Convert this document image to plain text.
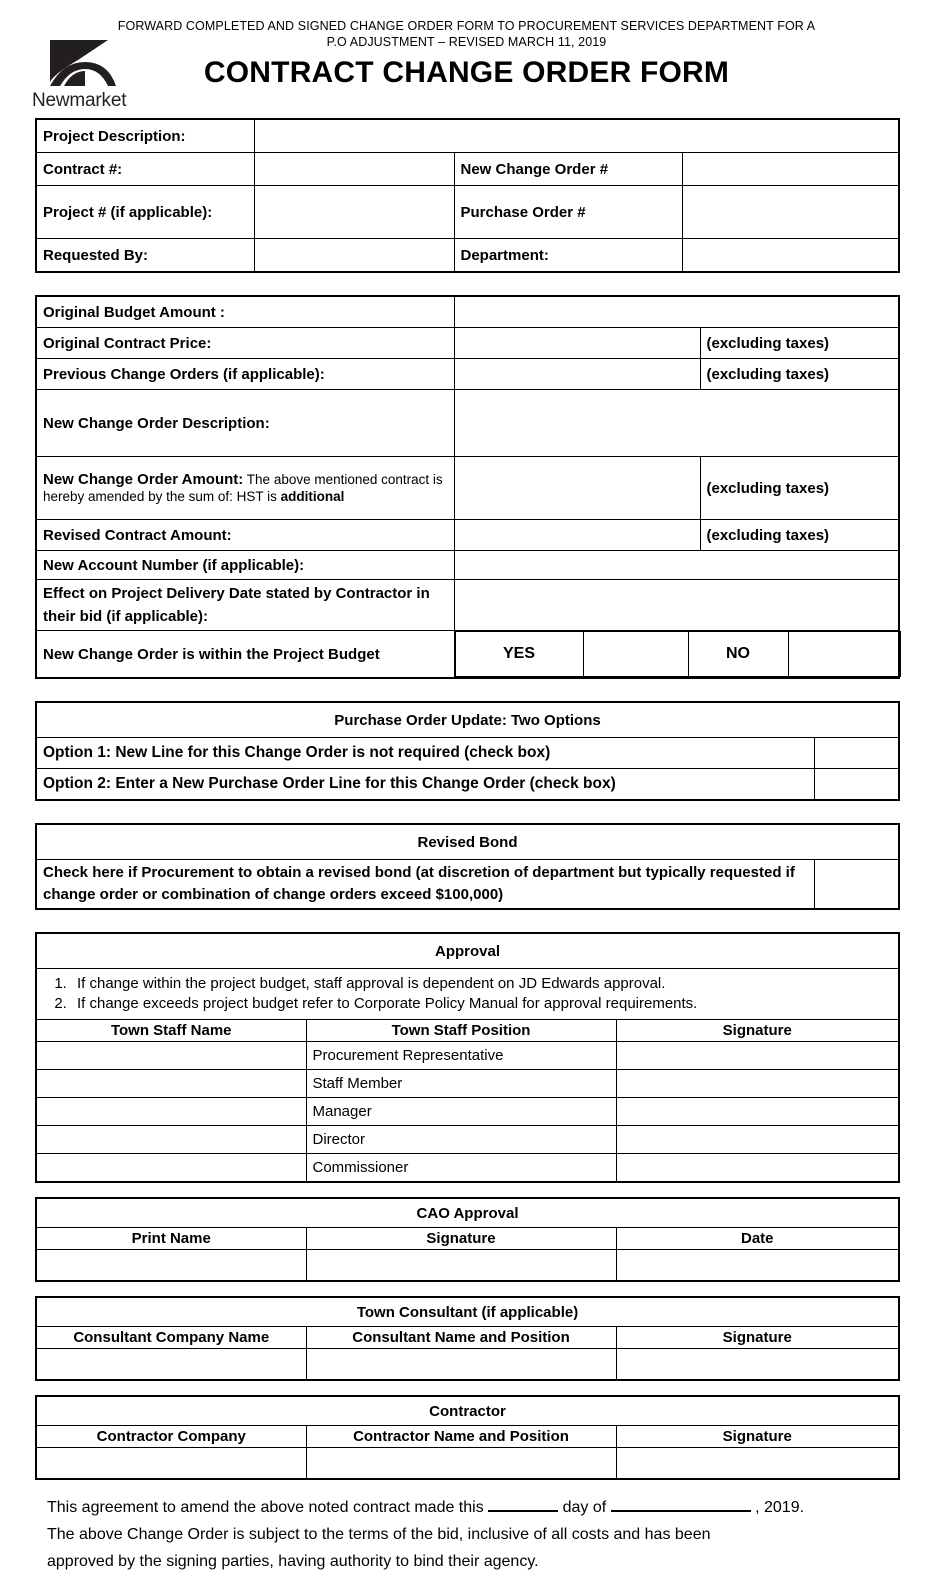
Newmarket
FORWARD COMPLETED AND SIGNED CHANGE ORDER FORM TO PROCUREMENT SERVICES DEPARTMENT FOR A
P.O ADJUSTMENT – REVISED MARCH 11, 2019
CONTRACT CHANGE ORDER FORM
Project Description:			
Contract #:		New Change Order #	
Project # (if applicable):		Purchase Order #	
Requested By:		Department:	
Original Budget Amount :	
Original Contract Price:		(excluding taxes)
Previous Change Orders (if applicable):		(excluding taxes)
New Change Order Description:	
New Change Order Amount: The above mentioned contract is hereby amended by the sum of: HST is additional		(excluding taxes)
Revised Contract Amount:		(excluding taxes)
New Account Number (if applicable):	
Effect on Project Delivery Date stated by Contractor in their bid (if applicable):	
New Change Order is within the Project Budget		YES		NO	
Purchase Order Update: Two Options	
Option 1: New Line for this Change Order is not required (check box)	
Option 2: Enter a New Purchase Order Line for this Change Order (check box)	
Revised Bond
Check here if Procurement to obtain a revised bond (at discretion of department but typically requested if change order or combination of change orders exceed $100,000)	
Approval		

1. If change within the project budget, staff approval is dependent on JD Edwards approval.
2. If change exceeds project budget refer to Corporate Policy Manual for approval requirements.

Town Staff Name	Town Staff Position	Signature
	Procurement Representative	
	Staff Member	
	Manager	
	Director	
	Commissioner	
CAO Approval		
Print Name	Signature	Date

Town Consultant (if applicable)		
Consultant Company Name	Consultant Name and Position	Signature

Contractor		
Contractor Company	Contractor Name and Position	Signature

This agreement to amend the above noted contract made this	day of	, 2019.
The above Change Order is subject to the terms of the bid, inclusive of all costs and has been
approved by the signing parties, having authority to bind their agency.
